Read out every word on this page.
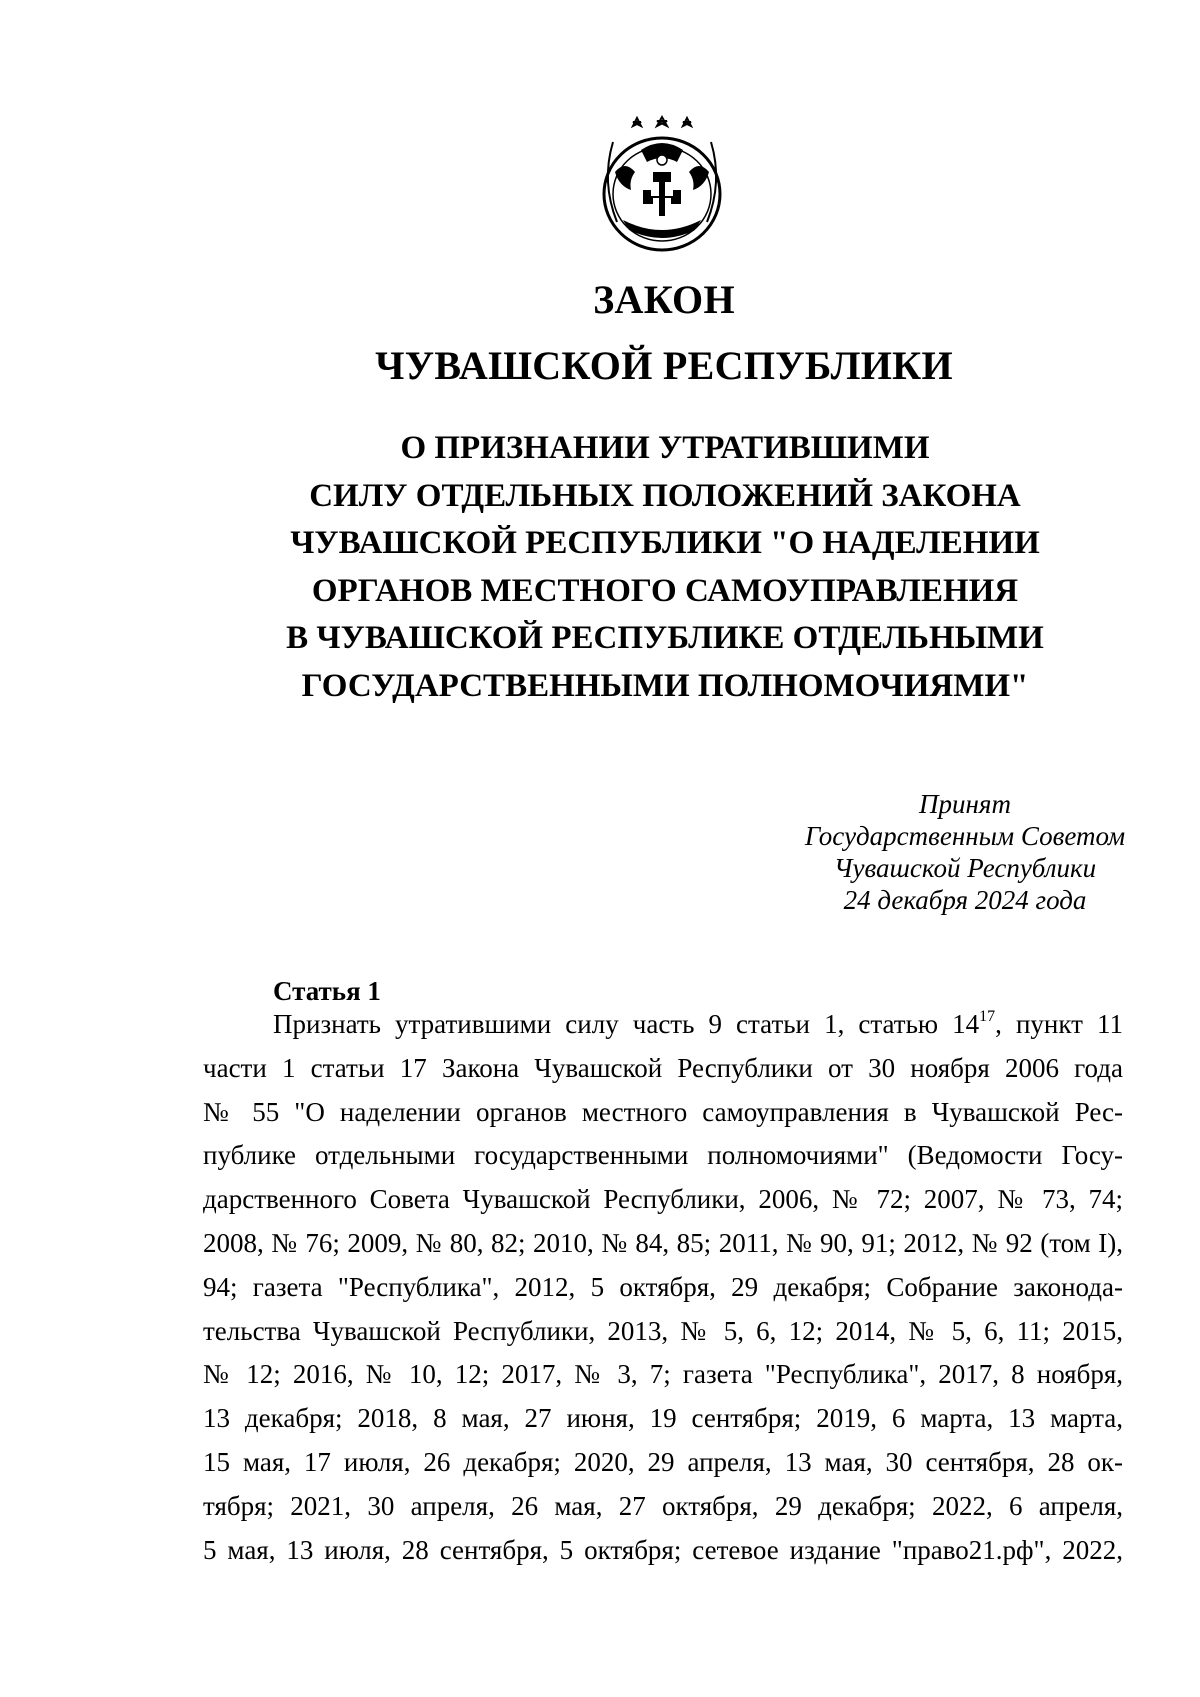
ЗАКОН
ЧУВАШСКОЙ РЕСПУБЛИКИ
О ПРИЗНАНИИ УТРАТИВШИМИ
СИЛУ ОТДЕЛЬНЫХ ПОЛОЖЕНИЙ ЗАКОНА
ЧУВАШСКОЙ РЕСПУБЛИКИ "О НАДЕЛЕНИИ
ОРГАНОВ МЕСТНОГО САМОУПРАВЛЕНИЯ
В ЧУВАШСКОЙ РЕСПУБЛИКЕ ОТДЕЛЬНЫМИ
ГОСУДАРСТВЕННЫМИ ПОЛНОМОЧИЯМИ"
Принят
Государственным Советом
Чувашской Республики
24 декабря 2024 года
Статья 1
Признать утратившими силу часть 9 статьи 1, статью $14^{17}$, пункт 11
части 1 статьи 17 Закона Чувашской Республики от 30 ноября 2006 года
№ 55 "О наделении органов местного самоуправления в Чувашской Рес-
публике отдельными государственными полномочиями" (Ведомости Госу-
дарственного Совета Чувашской Республики, 2006, № 72; 2007, № 73, 74;
2008, № 76; 2009, № 80, 82; 2010, № 84, 85; 2011, № 90, 91; 2012, № 92 (том I),
94; газета "Республика", 2012, 5 октября, 29 декабря; Собрание законода-
тельства Чувашской Республики, 2013, № 5, 6, 12; 2014, № 5, 6, 11; 2015,
№ 12; 2016, № 10, 12; 2017, № 3, 7; газета "Республика", 2017, 8 ноября,
13 декабря; 2018, 8 мая, 27 июня, 19 сентября; 2019, 6 марта, 13 марта,
15 мая, 17 июля, 26 декабря; 2020, 29 апреля, 13 мая, 30 сентября, 28 ок-
тября; 2021, 30 апреля, 26 мая, 27 октября, 29 декабря; 2022, 6 апреля,
5 мая, 13 июля, 28 сентября, 5 октября; сетевое издание "право21.рф", 2022,
